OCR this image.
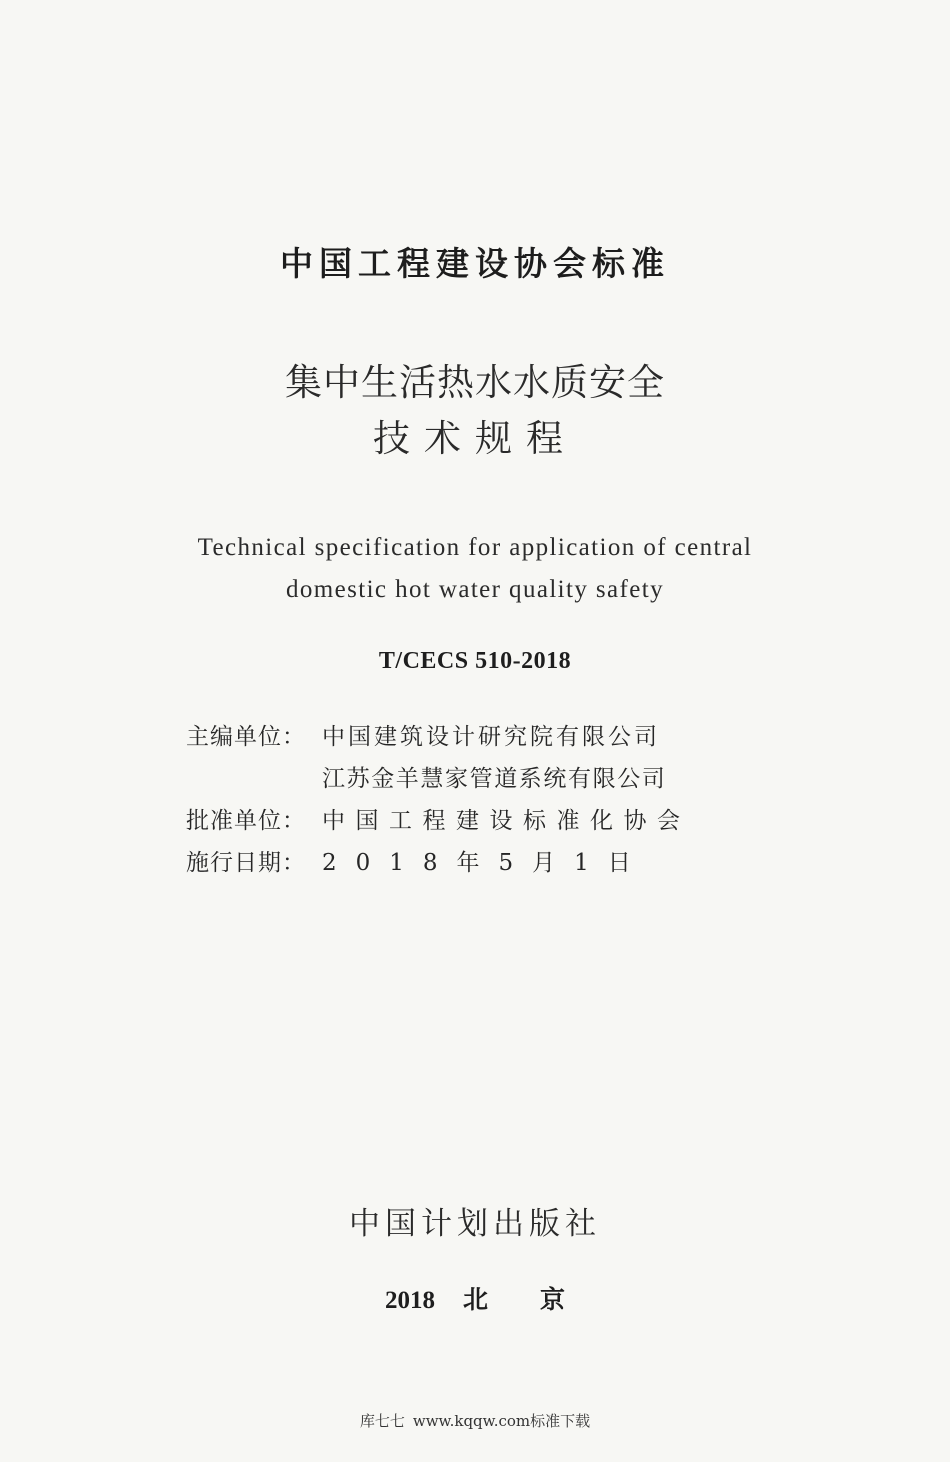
中国工程建设协会标准
集中生活热水水质安全
技术规程
Technical specification for application of central
domestic hot water quality safety
T/CECS 510-2018
主编单位： 中国建筑设计研究院有限公司
江苏金羊慧家管道系统有限公司
批准单位： 中国工程建设标准化协会
施行日期： 2018年5月1日
中国计划出版社
2018 北京
库七七 www.kqqw.com标准下载
